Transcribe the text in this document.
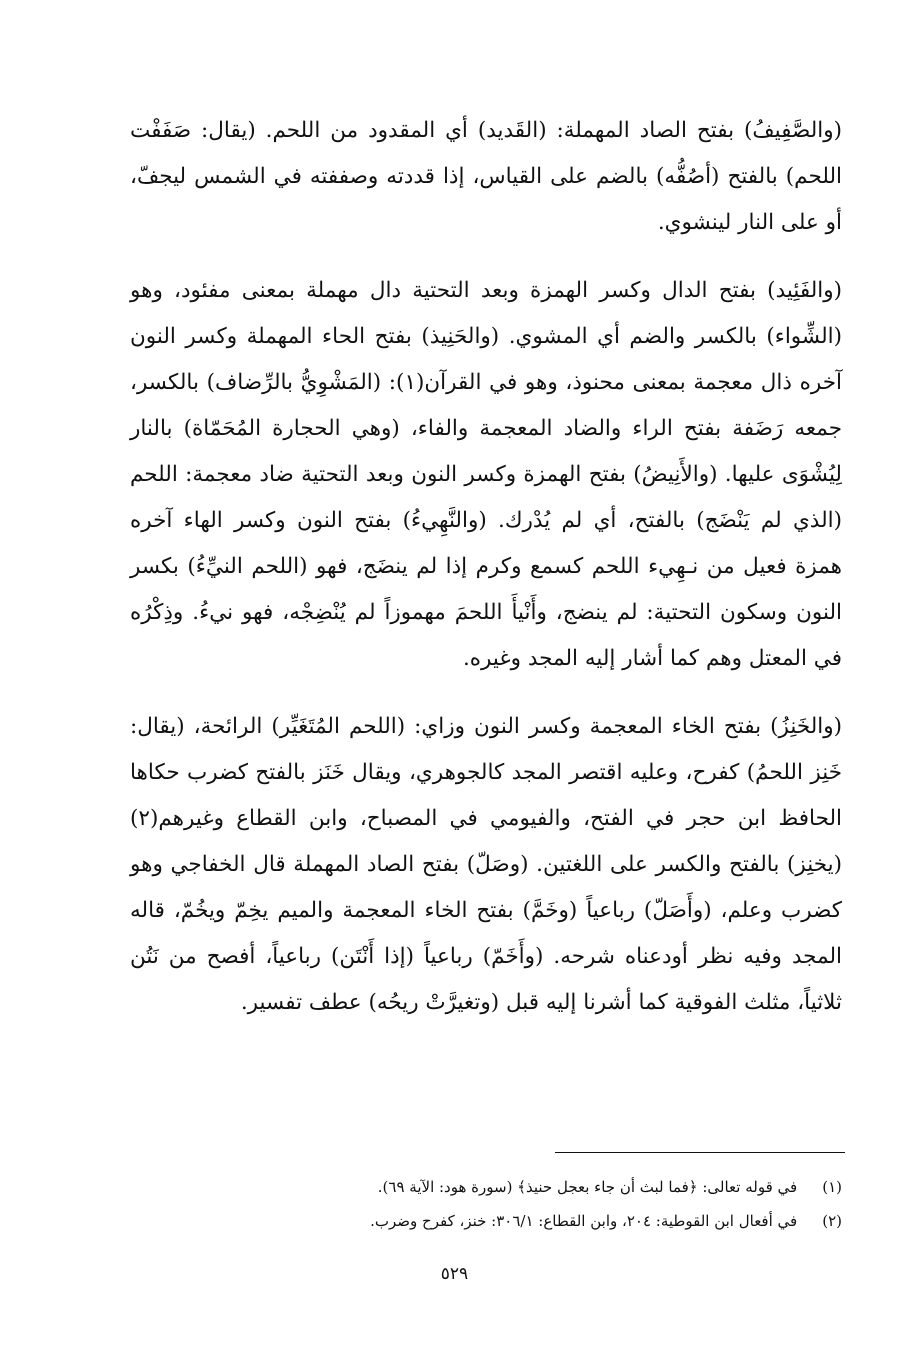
(والصَّفِيفُ) بفتح الصاد المهملة: (القَديد) أي المقدود من اللحم. (يقال: صَفَفْت اللحم) بالفتح (أصُفُّه) بالضم على القياس، إذا قددته وصففته في الشمس ليجفّ، أو على النار لينشوي.

(والفَئِيد) بفتح الدال وكسر الهمزة وبعد التحتية دال مهملة بمعنى مفئود، وهو (الشِّواء) بالكسر والضم أي المشوي. (والحَنِيذ) بفتح الحاء المهملة وكسر النون آخره ذال معجمة بمعنى محنوذ، وهو في القرآن(١): (المَشْوِيُّ بالرِّضاف) بالكسر، جمعه رَضَفة بفتح الراء والضاد المعجمة والفاء، (وهي الحجارة المُحَمّاة) بالنار لِيُشْوَى عليها. (والأَنِيضُ) بفتح الهمزة وكسر النون وبعد التحتية ضاد معجمة: اللحم (الذي لم يَنْضَج) بالفتح، أي لم يُدْرك. (والنَّهِيءُ) بفتح النون وكسر الهاء آخره همزة فعيل من نـهِيء اللحم كسمع وكرم إذا لم ينضَج، فهو (اللحم النيِّءُ) بكسر النون وسكون التحتية: لم ينضج، وأَنْيأَ اللحمَ مهموزاً لم يُنْضِجْه، فهو نيءُ. وذِكْرُه في المعتل وهم كما أشار إليه المجد وغيره.

(والخَنِزُ) بفتح الخاء المعجمة وكسر النون وزاي: (اللحم المُتَغَيِّر) الرائحة، (يقال: خَنِز اللحمُ) كفرح، وعليه اقتصر المجد كالجوهري، ويقال خَنَز بالفتح كضرب حكاها الحافظ ابن حجر في الفتح، والفيومي في المصباح، وابن القطاع وغيرهم(٢) (يخنِز) بالفتح والكسر على اللغتين. (وصَلّ) بفتح الصاد المهملة قال الخفاجي وهو كضرب وعلم، (وأَصَلّ) رباعياً (وخَمَّ) بفتح الخاء المعجمة والميم يخِمّ ويخُمّ، قاله المجد وفيه نظر أودعناه شرحه. (وأَخَمّ) رباعياً (إذا أَنْتَن) رباعياً، أفصح من نَتُن ثلاثياً، مثلث الفوقية كما أشرنا إليه قبل (وتغيرَّتْ ريحُه) عطف تفسير.

(١) في قوله تعالى: ﴿فما لبث أن جاء بعجل حنيذ﴾ (سورة هود: الآية ٦٩).
(٢) في أفعال ابن القوطية: ٢٠٤، وابن القطاع: ٣٠٦/١: خنز، كفرح وضرب.
٥٢٩
